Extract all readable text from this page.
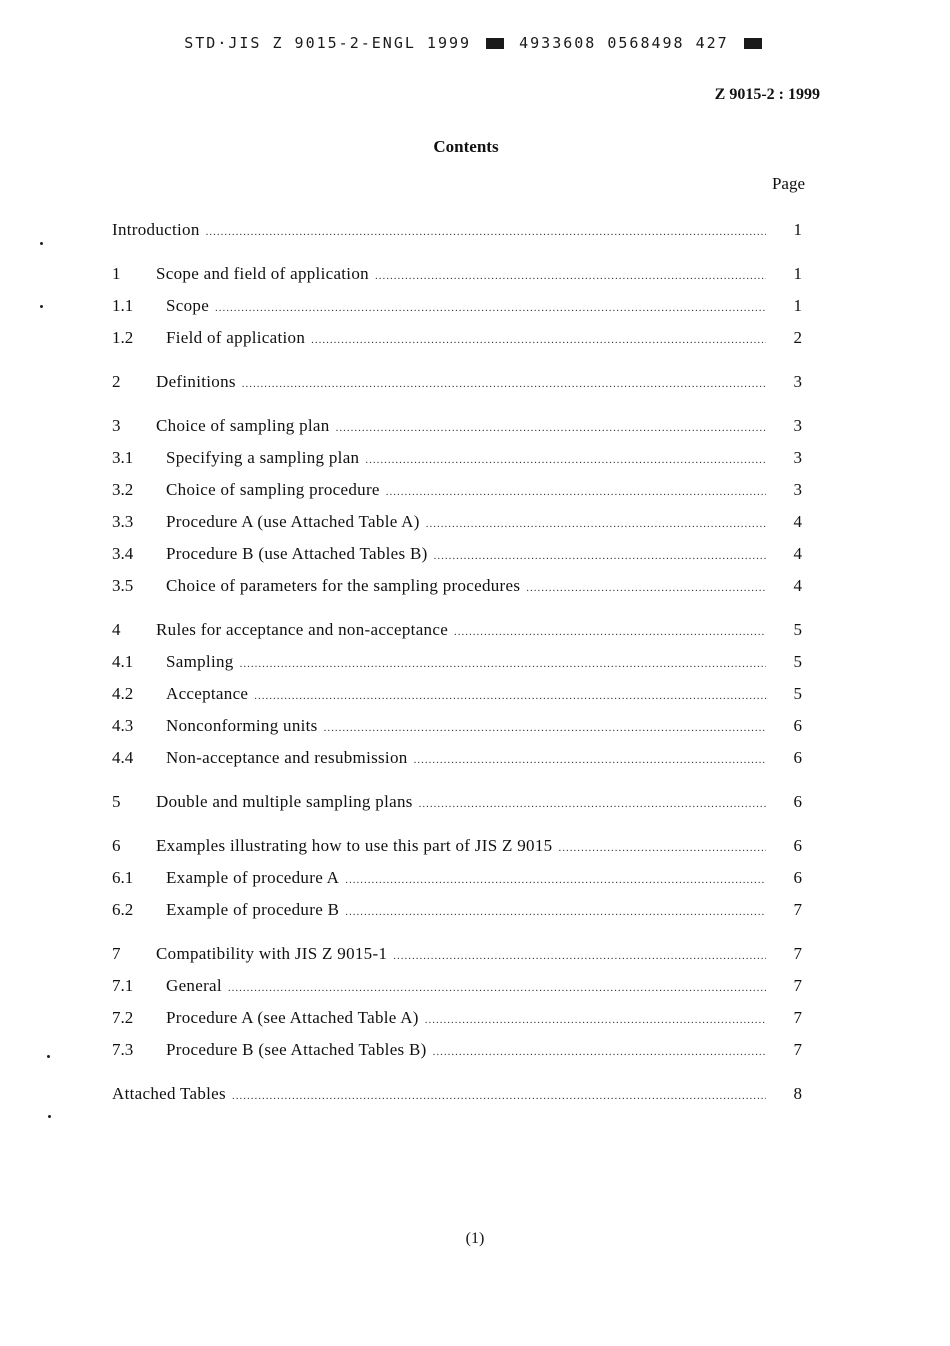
STD·JIS Z 9015-2-ENGL 1999	4933608 0568498 427
Z 9015-2 : 1999
Contents
Page
Introduction .....	1
1	Scope and field of application .....	1
1.1	Scope .....	1
1.2	Field of application .....	2
2	Definitions .....	3
3	Choice of sampling plan .....	3
3.1	Specifying a sampling plan .....	3
3.2	Choice of sampling procedure .....	3
3.3	Procedure A (use Attached Table A) .....	4
3.4	Procedure B (use Attached Tables B) .....	4
3.5	Choice of parameters for the sampling procedures .....	4
4	Rules for acceptance and non-acceptance .....	5
4.1	Sampling .....	5
4.2	Acceptance .....	5
4.3	Nonconforming units .....	6
4.4	Non-acceptance and resubmission .....	6
5	Double and multiple sampling plans .....	6
6	Examples illustrating how to use this part of JIS Z 9015 .....	6
6.1	Example of procedure A .....	6
6.2	Example of procedure B .....	7
7	Compatibility with JIS Z 9015-1 .....	7
7.1	General .....	7
7.2	Procedure A (see Attached Table A) .....	7
7.3	Procedure B (see Attached Tables B) .....	7
Attached Tables .....	8
(1)
